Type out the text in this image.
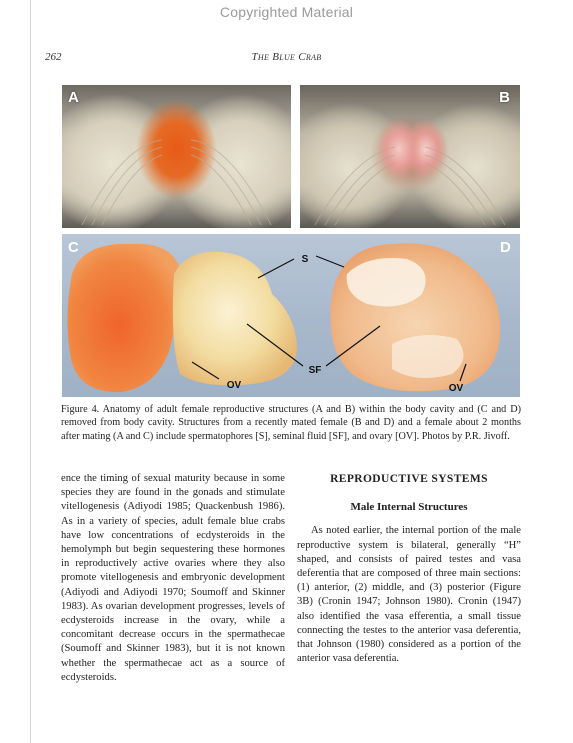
Copyrighted Material
262	The Blue Crab
A	B
S
SF
OV	OV
C	D
Figure 4. Anatomy of adult female reproductive structures (A and B) within the body cavity and (C and D) removed from body cavity. Structures from a recently mated female (B and D) and a female about 2 months after mating (A and C) include spermatophores [S], seminal fluid [SF], and ovary [OV]. Photos by P.R. Jivoff.

ence the timing of sexual maturity because in some species they are found in the gonads and stimulate vitellogenesis (Adiyodi 1985; Quackenbush 1986). As in a variety of species, adult female blue crabs have low concentrations of ecdysteroids in the hemolymph but begin sequestering these hormones in reproductively active ovaries where they also promote vitellogenesis and embryonic development (Adiyodi and Adiyodi 1970; Soumoff and Skinner 1983). As ovarian development progresses, levels of ecdysteroids increase in the ovary, while a concomitant decrease occurs in the spermathecae (Soumoff and Skinner 1983), but it is not known whether the spermathecae act as a source of ecdysteroids.

REPRODUCTIVE SYSTEMS
Male Internal Structures

As noted earlier, the internal portion of the male reproductive system is bilateral, generally “H” shaped, and consists of paired testes and vasa deferentia that are composed of three main sections: (1) anterior, (2) middle, and (3) posterior (Figure 3B) (Cronin 1947; Johnson 1980). Cronin (1947) also identified the vasa efferentia, a small tissue connecting the testes to the anterior vasa deferentia, that Johnson (1980) considered as a portion of the anterior vasa deferentia.
